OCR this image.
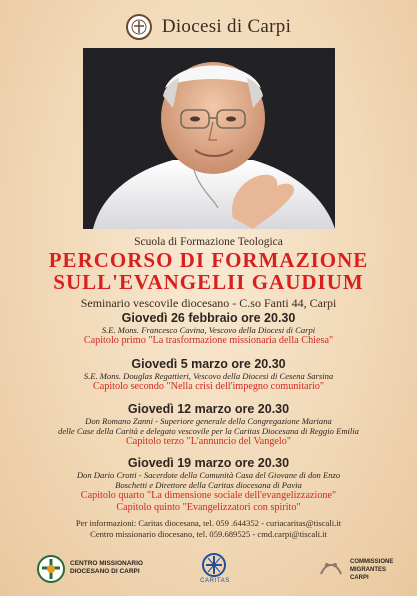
Diocesi di Carpi
Scuola di Formazione Teologica
PERCORSO DI FORMAZIONE
SULL'EVANGELII GAUDIUM
Seminario vescovile diocesano - C.so Fanti 44, Carpi
Giovedì 26 febbraio ore 20.30
S.E. Mons. Francesco Cavina, Vescovo della Diocesi di Carpi
Capitolo primo "La trasformazione missionaria della Chiesa"
Giovedì 5 marzo ore 20.30
S.E. Mons. Douglas Regattieri, Vescovo della Diocesi di Cesena Sarsina
Capitolo secondo "Nella crisi dell'impegno comunitario"
Giovedì 12 marzo ore 20.30
Don Romano Zanni - Superiore generale della Congregazione Mariana
delle Case della Carità e delegato vescovile per la Caritas Diocesana di Reggio Emilia
Capitolo terzo "L'annuncio del Vangelo"
Giovedì 19 marzo ore 20.30
Don Dario Crotti - Sacerdote della Comunità Casa del Giovane di don Enzo
Boschetti e Direttore della Caritas diocesana di Pavia
Capitolo quarto "La dimensione sociale dell'evangelizzazione"
Capitolo quinto "Evangelizzatori con spirito"
Per informazioni: Caritas diocesana, tel. 059 .644352 - curiacaritas@tiscali.it
Centro missionario diocesano, tel. 059.689525 - cmd.carpi@tiscali.it
CENTRO MISSIONARIO
DIOCESANO DI CARPI
CARITAS
COMMISSIONE
MIGRANTES
CARPI
